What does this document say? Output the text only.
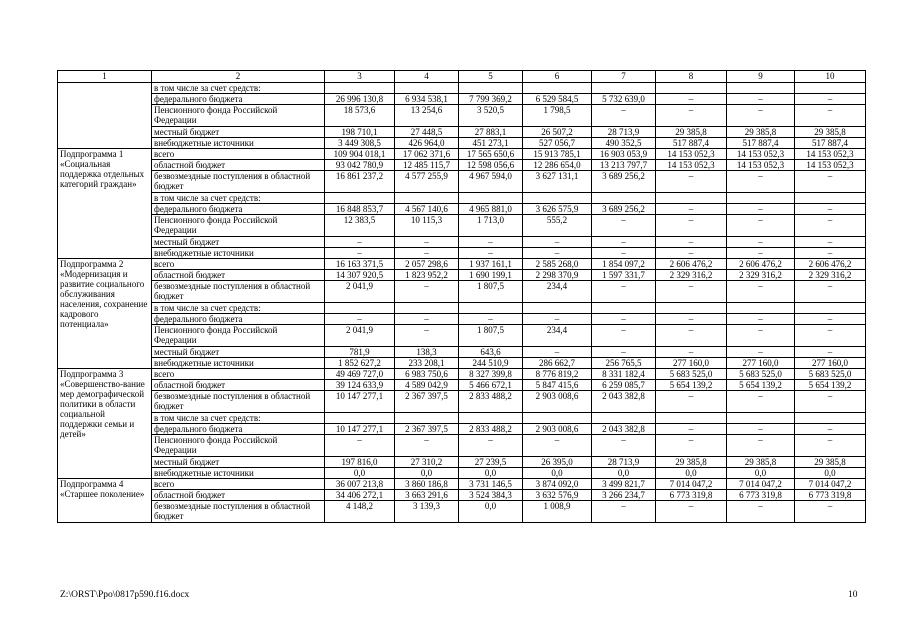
1	2	3	4	5	6	7	8	9	10
	в том числе за счет средств:								
	федерального бюджета	26 996 130,8	6 934 538,1	7 799 369,2	6 529 584,5	5 732 639,0	–	–	–
	Пенсионного фонда Российской Федерации	18 573,6	13 254,6	3 520,5	1 798,5	–	–	–	–
	местный бюджет	198 710,1	27 448,5	27 883,1	26 507,2	28 713,9	29 385,8	29 385,8	29 385,8
	внебюджетные источники	3 449 308,5	426 964,0	451 273,1	527 056,7	490 352,5	517 887,4	517 887,4	517 887,4
Подпрограмма 1 «Социальная поддержка отдельных категорий граждан»	всего	109 904 018,1	17 062 371,6	17 565 650,6	15 913 785,1	16 903 053,9	14 153 052,3	14 153 052,3	14 153 052,3
	областной бюджет	93 042 780,9	12 485 115,7	12 598 056,6	12 286 654,0	13 213 797,7	14 153 052,3	14 153 052,3	14 153 052,3
	безвозмездные поступления в областной бюджет	16 861 237,2	4 577 255,9	4 967 594,0	3 627 131,1	3 689 256,2	–	–	–
	в том числе за счет средств:								
	федерального бюджета	16 848 853,7	4 567 140,6	4 965 881,0	3 626 575,9	3 689 256,2	–	–	–
	Пенсионного фонда Российской Федерации	12 383,5	10 115,3	1 713,0	555,2	–	–	–	–
	местный бюджет	–	–	–	–	–	–	–	–
	внебюджетные источники	–	–	–	–	–	–	–	–
Подпрограмма 2 «Модернизация и развитие социального обслуживания населения, сохранение кадрового потенциала»	всего	16 163 371,5	2 057 298,6	1 937 161,1	2 585 268,0	1 854 097,2	2 606 476,2	2 606 476,2	2 606 476,2
	областной бюджет	14 307 920,5	1 823 952,2	1 690 199,1	2 298 370,9	1 597 331,7	2 329 316,2	2 329 316,2	2 329 316,2
	безвозмездные поступления в областной бюджет	2 041,9	–	1 807,5	234,4	–	–	–	–
	в том числе за счет средств:								
	федерального бюджета	–	–	–	–	–	–	–	–
	Пенсионного фонда Российской Федерации	2 041,9	–	1 807,5	234,4	–	–	–	–
	местный бюджет	781,9	138,3	643,6	–	–	–	–	–
	внебюджетные источники	1 852 627,2	233 208,1	244 510,9	286 662,7	256 765,5	277 160,0	277 160,0	277 160,0
Подпрограмма 3 «Совершенство-вание мер демографической политики в области социальной поддержки семьи и детей»	всего	49 469 727,0	6 983 750,6	8 327 399,8	8 776 819,2	8 331 182,4	5 683 525,0	5 683 525,0	5 683 525,0
	областной бюджет	39 124 633,9	4 589 042,9	5 466 672,1	5 847 415,6	6 259 085,7	5 654 139,2	5 654 139,2	5 654 139,2
	безвозмездные поступления в областной бюджет	10 147 277,1	2 367 397,5	2 833 488,2	2 903 008,6	2 043 382,8	–	–	–
	в том числе за счет средств:								
	федерального бюджета	10 147 277,1	2 367 397,5	2 833 488,2	2 903 008,6	2 043 382,8	–	–	–
	Пенсионного фонда Российской Федерации	–	–	–	–	–	–	–	–
	местный бюджет	197 816,0	27 310,2	27 239,5	26 395,0	28 713,9	29 385,8	29 385,8	29 385,8
	внебюджетные источники	0,0	0,0	0,0	0,0	0,0	0,0	0,0	0,0
Подпрограмма 4 «Старшее поколение»	всего	36 007 213,8	3 860 186,8	3 731 146,5	3 874 092,0	3 499 821,7	7 014 047,2	7 014 047,2	7 014 047,2
	областной бюджет	34 406 272,1	3 663 291,6	3 524 384,3	3 632 576,9	3 266 234,7	6 773 319,8	6 773 319,8	6 773 319,8
	безвозмездные поступления в областной бюджет	4 148,2	3 139,3	0,0	1 008,9	–	–	–	–
Z:\ORST\Ppo\0817p590.f16.docx	10
